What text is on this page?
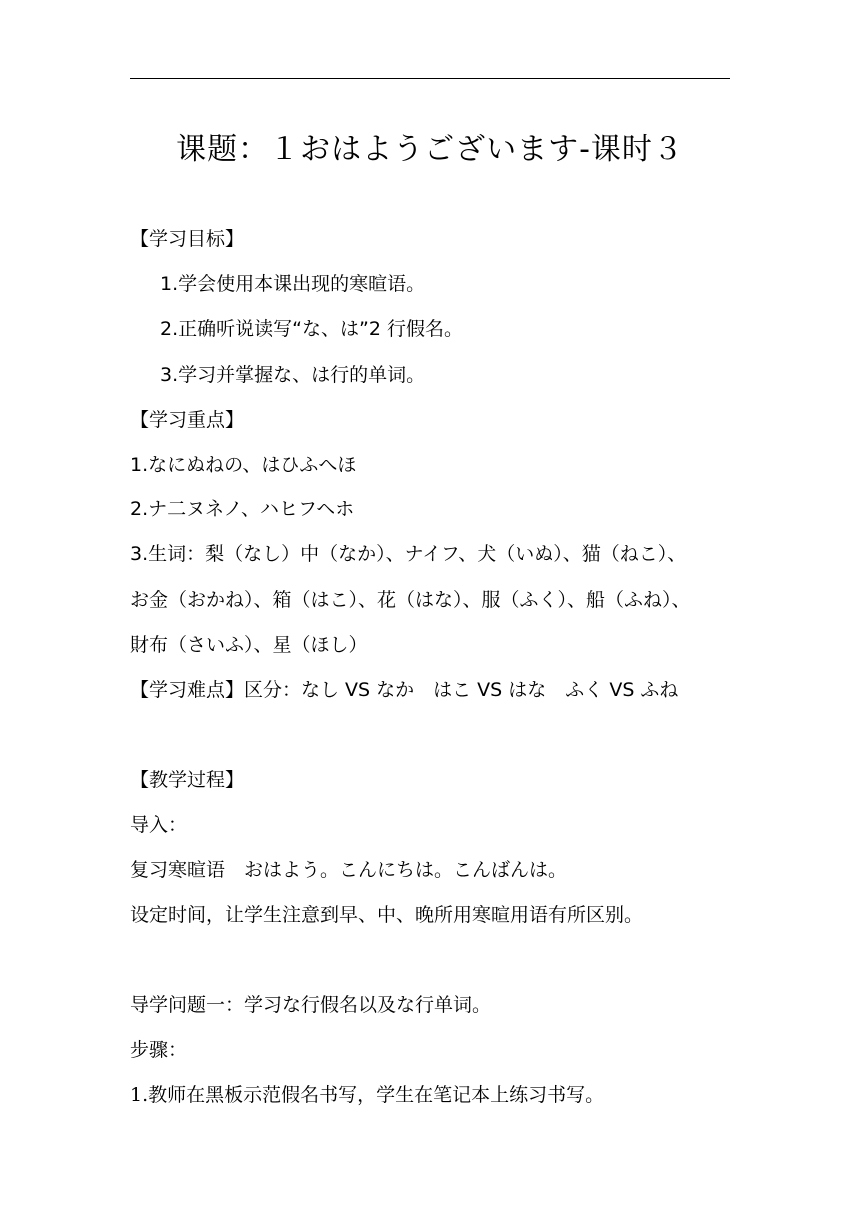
课题：１おはようございます-课时３
【学习目标】
1.学会使用本课出现的寒暄语。
2.正确听说读写“な、は”2 行假名。
3.学习并掌握な、は行的单词。
【学习重点】
1.なにぬねの、はひふへほ
2.ナ二ヌネノ、ハヒフヘホ
3.生词：梨（なし）中（なか）、ナイフ、犬（いぬ）、猫（ねこ）、
お金（おかね）、箱（はこ）、花（はな）、服（ふく）、船（ふね）、
財布（さいふ）、星（ほし）
【学习难点】区分：なし VS なか　はこ VS はな　ふく VS ふね
【教学过程】
导入：
复习寒暄语　おはよう。こんにちは。こんばんは。
设定时间，让学生注意到早、中、晚所用寒暄用语有所区别。
导学问题一：学习な行假名以及な行单词。
步骤：
1.教师在黑板示范假名书写，学生在笔记本上练习书写。
